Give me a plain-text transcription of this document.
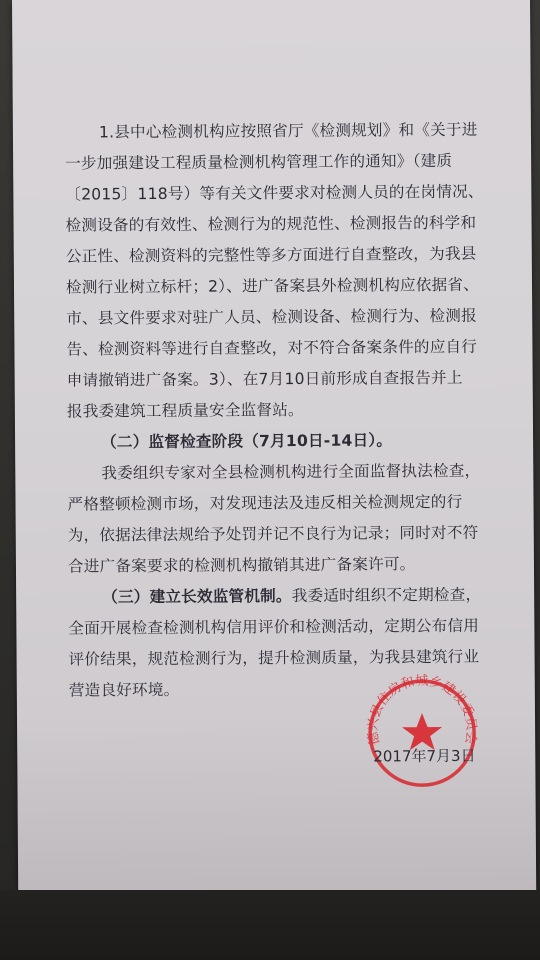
1.县中心检测机构应按照省厅《检测规划》和《关于进
一步加强建设工程质量检测机构管理工作的通知》（建质
〔2015〕118号）等有关文件要求对检测人员的在岗情况、
检测设备的有效性、检测行为的规范性、检测报告的科学和
公正性、检测资料的完整性等多方面进行自查整改，为我县
检测行业树立标杆；2）、进广备案县外检测机构应依据省、
市、县文件要求对驻广人员、检测设备、检测行为、检测报
告、检测资料等进行自查整改，对不符合备案条件的应自行
申请撤销进广备案。3）、在7月10日前形成自查报告并上
报我委建筑工程质量安全监督站。
（二）监督检查阶段（7月10日-14日）。
我委组织专家对全县检测机构进行全面监督执法检查，
严格整顿检测市场，对发现违法及违反相关检测规定的行
为，依据法律法规给予处罚并记不良行为记录；同时对不符
合进广备案要求的检测机构撤销其进广备案许可。
（三）建立长效监管机制。我委适时组织不定期检查，
全面开展检查检测机构信用评价和检测活动，定期公布信用
评价结果，规范检测行为，提升检测质量，为我县建筑行业
营造良好环境。
德兴县住房和城乡建设委员会
2017年7月3日
